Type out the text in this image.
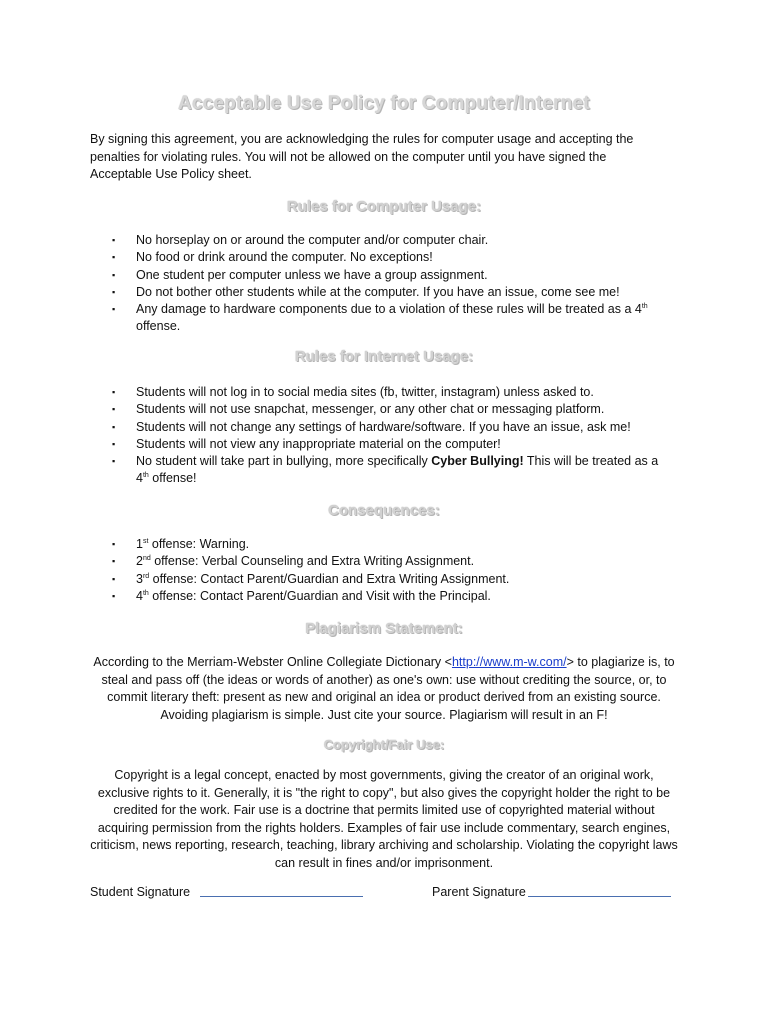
Acceptable Use Policy for Computer/Internet
By signing this agreement, you are acknowledging the rules for computer usage and accepting the penalties for violating rules. You will not be allowed on the computer until you have signed the Acceptable Use Policy sheet.
Rules for Computer Usage:
▪ No horseplay on or around the computer and/or computer chair.
▪ No food or drink around the computer. No exceptions!
▪ One student per computer unless we have a group assignment.
▪ Do not bother other students while at the computer. If you have an issue, come see me!
▪ Any damage to hardware components due to a violation of these rules will be treated as a 4th offense.
Rules for Internet Usage:
▪ Students will not log in to social media sites (fb, twitter, instagram) unless asked to.
▪ Students will not use snapchat, messenger, or any other chat or messaging platform.
▪ Students will not change any settings of hardware/software. If you have an issue, ask me!
▪ Students will not view any inappropriate material on the computer!
▪ No student will take part in bullying, more specifically Cyber Bullying! This will be treated as a 4th offense!
Consequences:
▪ 1st offense: Warning.
▪ 2nd offense: Verbal Counseling and Extra Writing Assignment.
▪ 3rd offense: Contact Parent/Guardian and Extra Writing Assignment.
▪ 4th offense: Contact Parent/Guardian and Visit with the Principal.
Plagiarism Statement:
According to the Merriam-Webster Online Collegiate Dictionary <http://www.m-w.com/> to plagiarize is, to steal and pass off (the ideas or words of another) as one's own: use without crediting the source, or, to commit literary theft: present as new and original an idea or product derived from an existing source. Avoiding plagiarism is simple. Just cite your source. Plagiarism will result in an F!
Copyright/Fair Use:
Copyright is a legal concept, enacted by most governments, giving the creator of an original work, exclusive rights to it. Generally, it is "the right to copy", but also gives the copyright holder the right to be credited for the work. Fair use is a doctrine that permits limited use of copyrighted material without acquiring permission from the rights holders. Examples of fair use include commentary, search engines, criticism, news reporting, research, teaching, library archiving and scholarship. Violating the copyright laws can result in fines and/or imprisonment.
Student Signature	Parent Signature
